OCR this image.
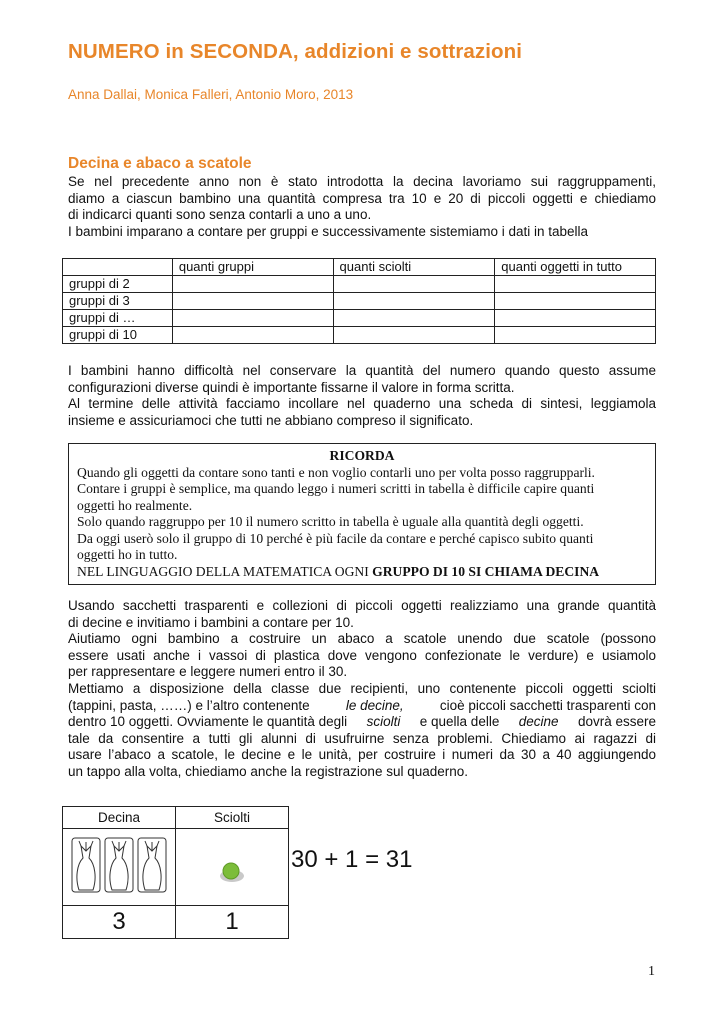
NUMERO in SECONDA, addizioni e sottrazioni
Anna Dallai, Monica Falleri, Antonio Moro, 2013
Decina e abaco a scatole
Se nel precedente anno non è stato introdotta la decina lavoriamo sui raggruppamenti,
diamo a ciascun bambino una quantità compresa tra 10 e 20 di piccoli oggetti e chiediamo
di indicarci quanti sono senza contarli a uno a uno.
I bambini imparano a contare per gruppi e successivamente sistemiamo i dati in tabella
	quanti gruppi	quanti sciolti	quanti oggetti in tutto
gruppi di 2			
gruppi di 3			
gruppi di …			
gruppi di 10			
I bambini hanno difficoltà nel conservare la quantità del numero quando questo assume
configurazioni diverse quindi è importante fissarne il valore in forma scritta.
Al termine delle attività facciamo incollare nel quaderno una scheda di sintesi, leggiamola
insieme e assicuriamoci che tutti ne abbiano compreso il significato.
RICORDA
Quando gli oggetti da contare sono tanti e non voglio contarli uno per volta posso raggrupparli.
Contare i gruppi è semplice, ma quando leggo i numeri scritti in tabella è difficile capire quanti
oggetti ho realmente.
Solo quando raggruppo per 10 il numero scritto in tabella è uguale alla quantità degli oggetti.
Da oggi userò solo il gruppo di 10 perché è più facile da contare e perché capisco subito quanti
oggetti ho in tutto.
NEL LINGUAGGIO DELLA MATEMATICA OGNI GRUPPO DI 10 SI CHIAMA DECINA
Usando sacchetti trasparenti e collezioni di piccoli oggetti realizziamo una grande quantità
di decine e invitiamo i bambini a contare per 10.
Aiutiamo ogni bambino a costruire un abaco a scatole unendo due scatole (possono
essere usati anche i vassoi di plastica dove vengono confezionate le verdure) e usiamolo
per rappresentare e leggere numeri entro il 30.
Mettiamo a disposizione della classe due recipienti, uno contenente piccoli oggetti sciolti
(tappini, pasta, ……) e l’altro contenente le decine, cioè piccoli sacchetti trasparenti con
dentro 10 oggetti. Ovviamente le quantità degli sciolti e quella delle decine dovrà essere
tale da consentire a tutti gli alunni di usufruirne senza problemi. Chiediamo ai ragazzi di
usare l’abaco a scatole, le decine e le unità, per costruire i numeri da 30 a 40 aggiungendo
un tappo alla volta, chiediamo anche la registrazione sul quaderno.
Decina	Sciolti

3	1
30 + 1 = 31
1
